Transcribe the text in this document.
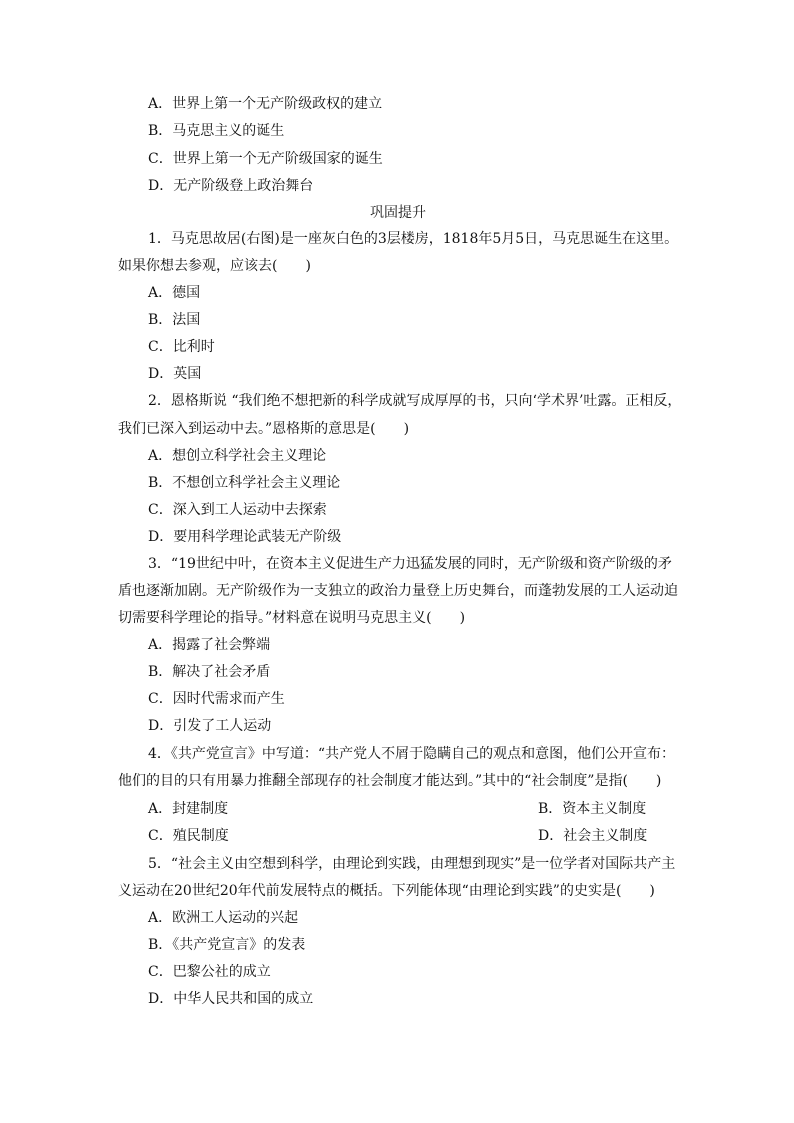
A．世界上第一个无产阶级政权的建立
B．马克思主义的诞生
C．世界上第一个无产阶级国家的诞生
D．无产阶级登上政治舞台
巩固提升
1．马克思故居(右图)是一座灰白色的3层楼房，1818年5月5日，马克思诞生在这里。
如果你想去参观，应该去(　　)
A．德国
B．法国
C．比利时
D．英国
2．恩格斯说 “我们绝不想把新的科学成就写成厚厚的书，只向‘学术界’吐露。正相反，
我们已深入到运动中去。”恩格斯的意思是(　　)
A．想创立科学社会主义理论
B．不想创立科学社会主义理论
C．深入到工人运动中去探索
D．要用科学理论武装无产阶级
3．“19世纪中叶，在资本主义促进生产力迅猛发展的同时，无产阶级和资产阶级的矛
盾也逐渐加剧。无产阶级作为一支独立的政治力量登上历史舞台，而蓬勃发展的工人运动迫
切需要科学理论的指导。”材料意在说明马克思主义(　　)
A．揭露了社会弊端
B．解决了社会矛盾
C．因时代需求而产生
D．引发了工人运动
4．《共产党宣言》中写道：“共产党人不屑于隐瞒自己的观点和意图，他们公开宣布：
他们的目的只有用暴力推翻全部现存的社会制度才能达到。”其中的“社会制度”是指(　　)
A．封建制度	B．资本主义制度
C．殖民制度	D．社会主义制度
5．“社会主义由空想到科学，由理论到实践，由理想到现实”是一位学者对国际共产主
义运动在20世纪20年代前发展特点的概括。下列能体现“由理论到实践”的史实是(　　)
A．欧洲工人运动的兴起
B．《共产党宣言》的发表
C．巴黎公社的成立
D．中华人民共和国的成立
